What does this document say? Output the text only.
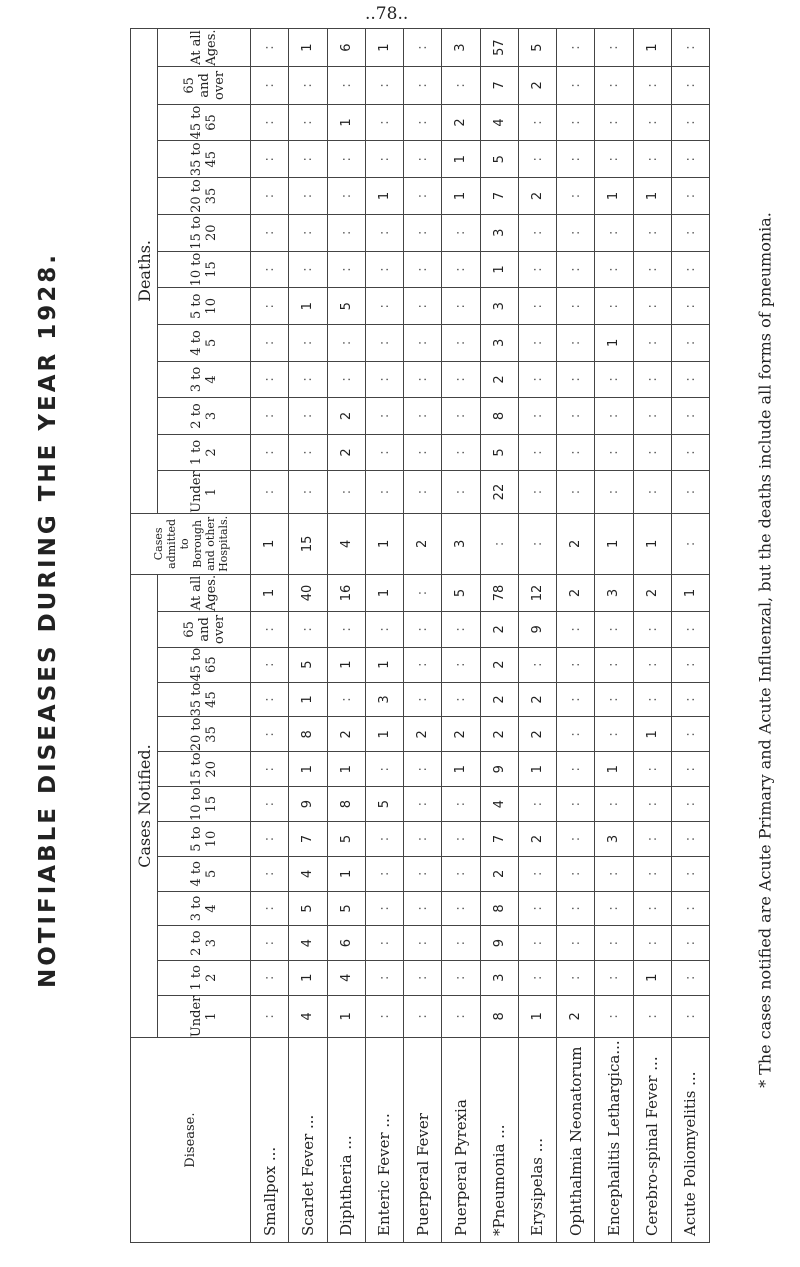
NOTIFIABLE DISEASES DURING THE YEAR 1928.
..78..
* The cases notified are Acute Primary and Acute Influenzal, but the deaths include all forms of pneumonia.
Disease.	Cases Notified.													Cases admitted to Borough and other Hospitals.	Deaths.												
	Under 1	1 to 2	2 to 3	3 to 4	4 to 5	5 to 10	10 to 15	15 to 20	20 to 35	35 to 45	45 to 65	65 and over	At all Ages.		Under 1	1 to 2	2 to 3	3 to 4	4 to 5	5 to 10	10 to 15	15 to 20	20 to 35	35 to 45	45 to 65	65 and over	At all Ages.
Smallpox ...	:	:	:	:	:	:	:	:	:	:	:	:	1	1	:	:	:	:	:	:	:	:	:	:	:	:	:
Scarlet Fever ...	4	1	4	5	4	7	9	1	8	1	5	:	40	15	:	:	:	:	:	1	:	:	:	:	:	:	1
Diphtheria ...	1	4	6	5	1	5	8	1	2	:	1	:	16	4	:	2	2	:	:	5	:	:	:	:	1	:	6
Enteric Fever ...	:	:	:	:	:	:	5	:	1	3	1	:	1	1	:	:	:	:	:	:	:	:	1	:	:	:	1
Puerperal Fever	:	:	:	:	:	:	:	:	2	:	:	:	:	2	:	:	:	:	:	:	:	:	:	:	:	:	:
Puerperal Pyrexia	:	:	:	:	:	:	:	1	2	:	:	:	5	3	:	:	:	:	:	:	:	:	1	1	2	:	3
*Pneumonia ...	8	3	9	8	2	7	4	9	2	2	2	2	78	:	22	5	8	2	3	3	1	3	7	5	4	7	57
Erysipelas ...	1	:	:	:	:	2	:	1	2	2	:	9	12	:	:	:	:	:	:	:	:	:	2	:	:	2	5
Ophthalmia Neonatorum	2	:	:	:	:	:	:	:	:	:	:	:	2	2	:	:	:	:	:	:	:	:	:	:	:	:	:
Encephalitis Lethargica...	:	:	:	:	:	3	:	1	:	:	:	:	3	1	:	:	:	:	1	:	:	:	1	:	:	:	:
Cerebro-spinal Fever ...	:	1	:	:	:	:	:	:	1	:	:	:	2	1	:	:	:	:	:	:	:	:	1	:	:	:	1
Acute Poliomyelitis ...	:	:	:	:	:	:	:	:	:	:	:	:	1	:	:	:	:	:	:	:	:	:	:	:	:	:	:
